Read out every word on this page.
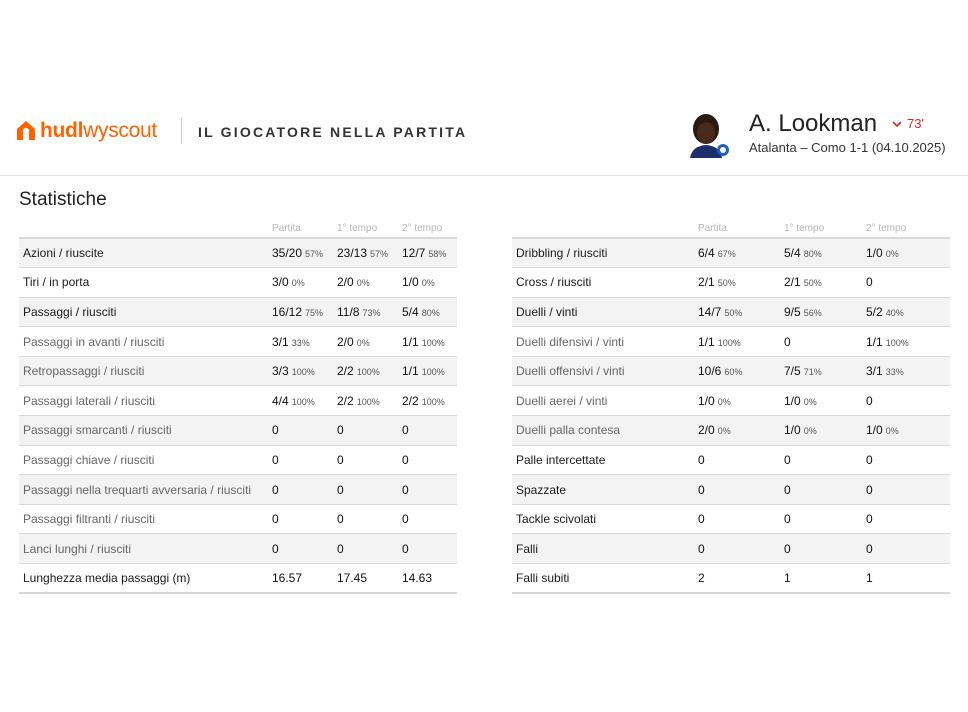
hudl wyscout	IL GIOCATORE NELLA PARTITA	A. Lookman 73'
Atalanta – Como 1-1 (04.10.2025)
Statistiche
	Partita	1° tempo	2° tempo
Azioni / riuscite	35/20 57%	23/13 57%	12/7 58%
Tiri / in porta	3/0 0%	2/0 0%	1/0 0%
Passaggi / riusciti	16/12 75%	11/8 73%	5/4 80%
Passaggi in avanti / riusciti	3/1 33%	2/0 0%	1/1 100%
Retropassaggi / riusciti	3/3 100%	2/2 100%	1/1 100%
Passaggi laterali / riusciti	4/4 100%	2/2 100%	2/2 100%
Passaggi smarcanti / riusciti	0	0	0
Passaggi chiave / riusciti	0	0	0
Passaggi nella trequarti avversaria / riusciti	0	0	0
Passaggi filtranti / riusciti	0	0	0
Lanci lunghi / riusciti	0	0	0
Lunghezza media passaggi (m)	16.57	17.45	14.63
	Partita	1° tempo	2° tempo
Dribbling / riusciti	6/4 67%	5/4 80%	1/0 0%
Cross / riusciti	2/1 50%	2/1 50%	0
Duelli / vinti	14/7 50%	9/5 56%	5/2 40%
Duelli difensivi / vinti	1/1 100%	0	1/1 100%
Duelli offensivi / vinti	10/6 60%	7/5 71%	3/1 33%
Duelli aerei / vinti	1/0 0%	1/0 0%	0
Duelli palla contesa	2/0 0%	1/0 0%	1/0 0%
Palle intercettate	0	0	0
Spazzate	0	0	0
Tackle scivolati	0	0	0
Falli	0	0	0
Falli subiti	2	1	1
